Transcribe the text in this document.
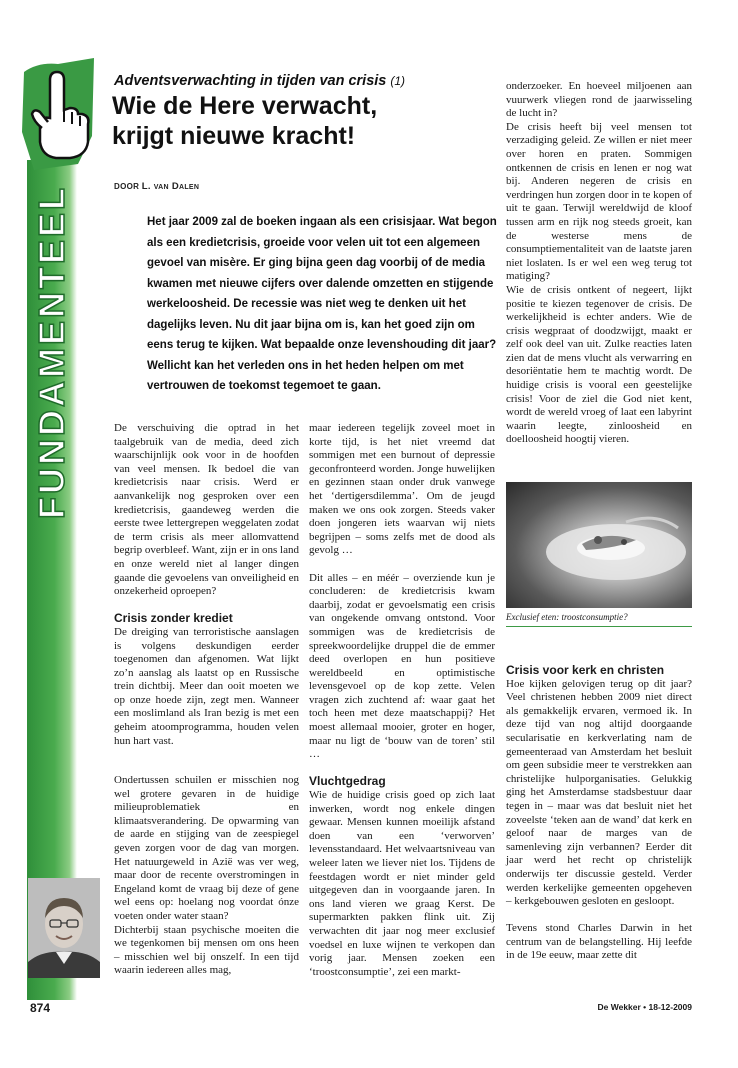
FUNDAMENTEEL
Adventsverwachting in tijden van crisis (1)
Wie de Here verwacht,
krijgt nieuwe kracht!
DOOR L. van Dalen
Het jaar 2009 zal de boeken ingaan als een crisisjaar. Wat begon als een kredietcrisis, groeide voor velen uit tot een algemeen gevoel van misère. Er ging bijna geen dag voorbij of de media kwamen met nieuwe cijfers over dalende omzetten en stijgende werkeloosheid. De recessie was niet weg te denken uit het dagelijks leven. Nu dit jaar bijna om is, kan het goed zijn om eens terug te kijken. Wat bepaalde onze levenshouding dit jaar? Wellicht kan het verleden ons in het heden helpen om met vertrouwen de toekomst tegemoet te gaan.

De verschuiving die optrad in het taalgebruik van de media, deed zich waarschijnlijk ook voor in de hoofden van veel mensen. Ik bedoel die van kredietcrisis naar crisis. Werd er aanvankelijk nog gesproken over een kredietcrisis, gaandeweg werden die eerste twee lettergrepen weggelaten zodat de term crisis als meer allomvattend begrip overbleef. Want, zijn er in ons land en onze wereld niet al langer dingen gaande die gevoelens van onveiligheid en onzekerheid oproepen?

Crisis zonder krediet

De dreiging van terroristische aanslagen is volgens deskundigen eerder toegenomen dan afgenomen. Wat lijkt zo’n aanslag als laatst op en Russische trein dichtbij. Meer dan ooit moeten we op onze hoede zijn, zegt men. Wanneer een moslimland als Iran bezig is met een geheim atoomprogramma, houden velen hun hart vast.

Ondertussen schuilen er misschien nog wel grotere gevaren in de huidige milieuproblematiek en klimaatsverandering. De opwarming van de aarde en stijging van de zeespiegel geven zorgen voor de dag van morgen. Het natuurgeweld in Azië was ver weg, maar door de recente overstromingen in Engeland komt de vraag bij deze of gene wel eens op: hoelang nog voordat ónze voeten onder water staan?

Dichterbij staan psychische moeiten die we tegenkomen bij mensen om ons heen – misschien wel bij onszelf. In een tijd waarin iedereen alles mag,

maar iedereen tegelijk zoveel moet in korte tijd, is het niet vreemd dat sommigen met een burnout of depressie geconfronteerd worden. Jonge huwelijken en gezinnen staan onder druk vanwege het ‘dertigersdilemma’. Om de jeugd maken we ons ook zorgen. Steeds vaker doen jongeren iets waarvan wij niets begrijpen – soms zelfs met de dood als gevolg …

Dit alles – en méér – overziende kun je concluderen: de kredietcrisis kwam daarbij, zodat er gevoelsmatig een crisis van ongekende omvang ontstond. Voor sommigen was de kredietcrisis de spreekwoordelijke druppel die de emmer deed overlopen en hun positieve wereldbeeld en optimistische levensgevoel op de kop zette. Velen vragen zich zuchtend af: waar gaat het toch heen met deze maatschappij? Het moest allemaal mooier, groter en hoger, maar nu ligt de ‘bouw van de toren’ stil …

Vluchtgedrag

Wie de huidige crisis goed op zich laat inwerken, wordt nog enkele dingen gewaar. Mensen kunnen moeilijk afstand doen van een ‘verworven’ levensstandaard. Het welvaartsniveau van weleer laten we liever niet los. Tijdens de feestdagen wordt er niet minder geld uitgegeven dan in voorgaande jaren. In ons land vieren we graag Kerst. De supermarkten pakken flink uit. Zij verwachten dit jaar nog meer exclusief voedsel en luxe wijnen te verkopen dan vorig jaar. Mensen zoeken een ‘troostconsumptie’, zei een markt-

onderzoeker. En hoeveel miljoenen aan vuurwerk vliegen rond de jaarwisseling de lucht in?

De crisis heeft bij veel mensen tot verzadiging geleid. Ze willen er niet meer over horen en praten. Sommigen ontkennen de crisis en lenen er nog wat bij. Anderen negeren de crisis en verdringen hun zorgen door in te kopen of uit te gaan. Terwijl wereldwijd de kloof tussen arm en rijk nog steeds groeit, kan de westerse mens de consumptiementaliteit van de laatste jaren niet loslaten. Is er wel een weg terug tot matiging?

Wie de crisis ontkent of negeert, lijkt positie te kiezen tegenover de crisis. De werkelijkheid is echter anders. Wie de crisis wegpraat of doodzwijgt, maakt er zelf ook deel van uit. Zulke reacties laten zien dat de mens vlucht als verwarring en desoriëntatie hem te machtig wordt. De huidige crisis is vooral een geestelijke crisis! Voor de ziel die God niet kent, wordt de wereld vroeg of laat een labyrint waarin leegte, zinloosheid en doelloosheid hoogtij vieren.

Exclusief eten: troostconsumptie?
Crisis voor kerk en christen

Hoe kijken gelovigen terug op dit jaar? Veel christenen hebben 2009 niet direct als gemakkelijk ervaren, vermoed ik. In deze tijd van nog altijd doorgaande secularisatie en kerkverlating nam de gemeenteraad van Amsterdam het besluit om geen subsidie meer te verstrekken aan christelijke hulporganisaties. Gelukkig ging het Amsterdamse stadsbestuur daar tegen in – maar was dat besluit niet het zoveelste ‘teken aan de wand’ dat kerk en geloof naar de marges van de samenleving zijn verbannen? Eerder dit jaar werd het recht op christelijk onderwijs ter discussie gesteld. Verder werden kerkelijke gemeenten opgeheven – kerkgebouwen gesloten en gesloopt.

Tevens stond Charles Darwin in het centrum van de belangstelling. Hij leefde in de 19e eeuw, maar zette dit

874	De Wekker • 18-12-2009
